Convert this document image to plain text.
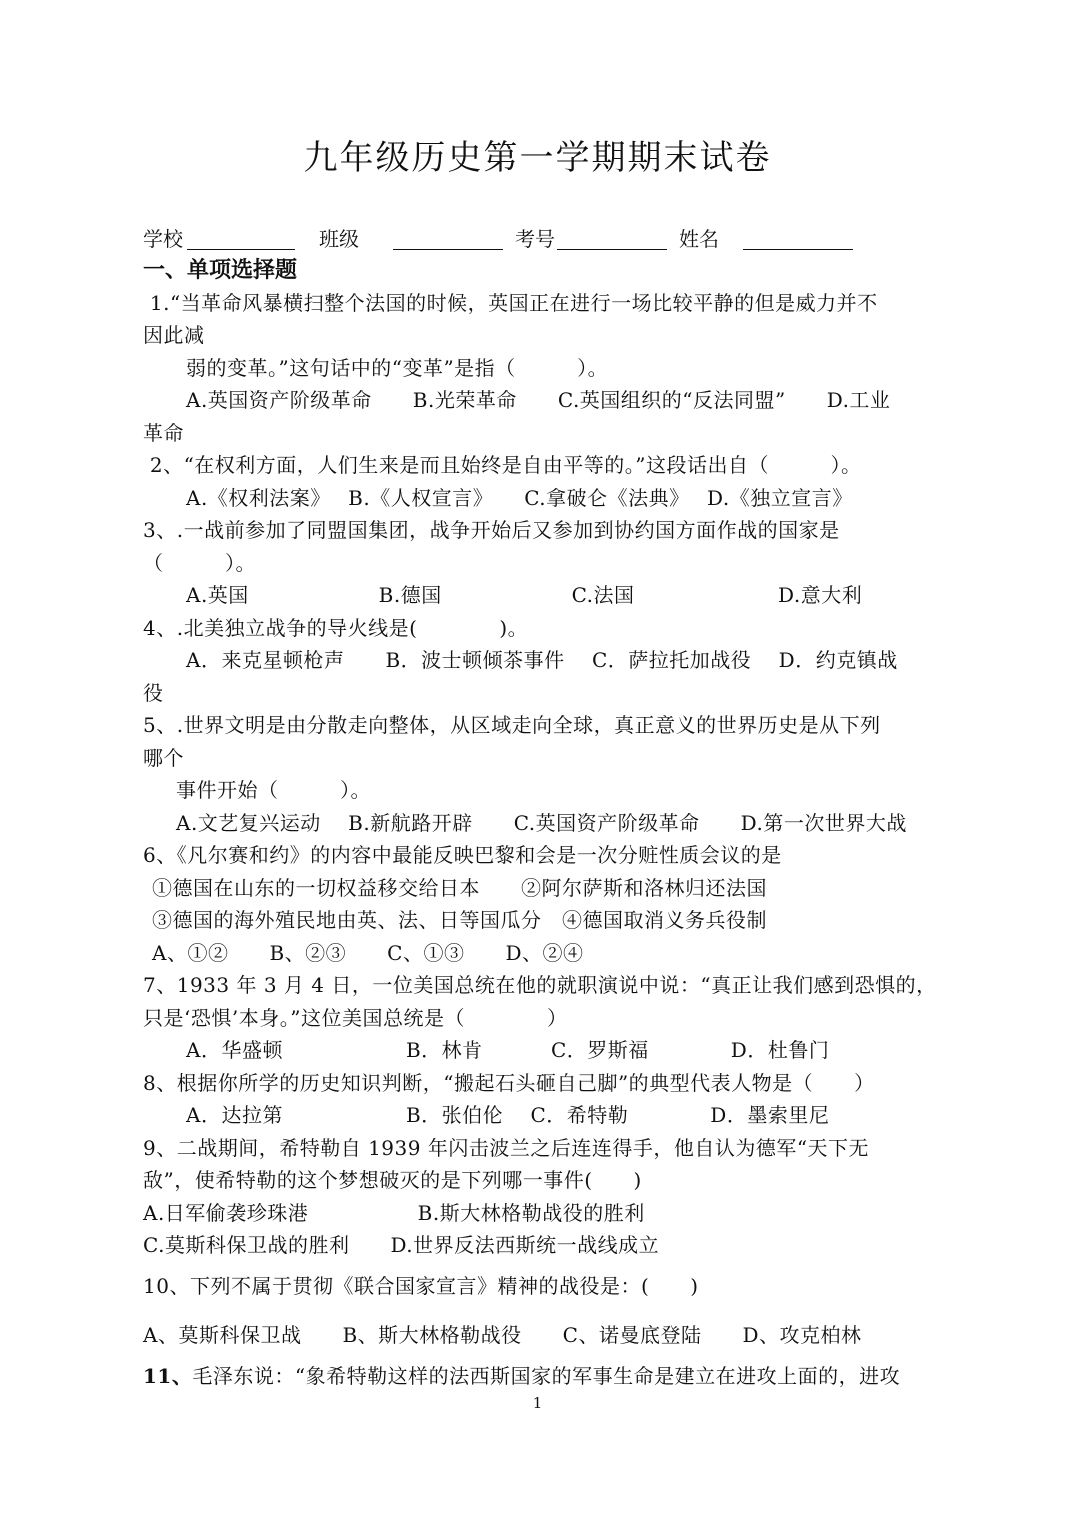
九年级历史第一学期期末试卷
学校	班级	考号	姓名
一、单项选择题
1.“当革命风暴横扫整个法国的时候，英国正在进行一场比较平静的但是威力并不
因此减
弱的变革。”这句话中的“变革”是指（　　　）。
A.英国资产阶级革命　　B.光荣革命　　C.英国组织的“反法同盟”　　D.工业
革命
2、“在权利方面，人们生来是而且始终是自由平等的。”这段话出自（　　　）。
A.《权利法案》　 B.《人权宣言》　　C.拿破仑《法典》　 D.《独立宣言》
3、.一战前参加了同盟国集团，战争开始后又参加到协约国方面作战的国家是
（　　　）。
A.英国　　　　　　 B.德国　　　　　　 C.法国　　　　　　　D.意大利
4、.北美独立战争的导火线是(　　　　)。
A．来克星顿枪声　　B．波士顿倾茶事件　 C．萨拉托加战役　 D．约克镇战
役
5、.世界文明是由分散走向整体，从区域走向全球，真正意义的世界历史是从下列
哪个
事件开始（　　　）。
A.文艺复兴运动　 B.新航路开辟　　C.英国资产阶级革命　　D.第一次世界大战
6、《凡尔赛和约》的内容中最能反映巴黎和会是一次分赃性质会议的是
①德国在山东的一切权益移交给日本　　②阿尔萨斯和洛林归还法国
③德国的海外殖民地由英、法、日等国瓜分　④德国取消义务兵役制
A、①②　　B、②③　　C、①③　　D、②④
7、1933 年 3 月 4 日，一位美国总统在他的就职演说中说：“真正让我们感到恐惧的，
只是‘恐惧’本身。”这位美国总统是（　　　　）
A．华盛顿　　　　　　B．林肯　　　 C．罗斯福　　　　D．杜鲁门
8、根据你所学的历史知识判断，“搬起石头砸自己脚”的典型代表人物是（　　）
A．达拉第　　　　　　B．张伯伦　 C．希特勒　　　　D．墨索里尼
9、二战期间，希特勒自 1939 年闪击波兰之后连连得手，他自认为德军“天下无
敌”，使希特勒的这个梦想破灭的是下列哪一事件(　　)
A.日军偷袭珍珠港　　　　　 B.斯大林格勒战役的胜利
C.莫斯科保卫战的胜利　　D.世界反法西斯统一战线成立
10、下列不属于贯彻《联合国家宣言》精神的战役是：(　　)
A、莫斯科保卫战　　B、斯大林格勒战役　　C、诺曼底登陆　　D、攻克柏林
11、毛泽东说：“象希特勒这样的法西斯国家的军事生命是建立在进攻上面的，进攻
1
